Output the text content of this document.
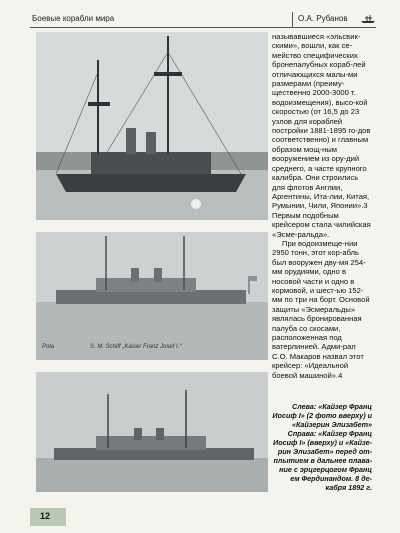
Боевые корабли мира	О.А. Рубанов
Pola	S. M. Schiff „Kaiser Franz Josef I.“

называвшиеся «эльсвик-скими», вошли, как се-мейство специфических бронепалубных кораб-лей отличающихся малы-ми размерами (преиму-щественно 2000-3000 т. водоизмещения), высо-кой скоростью (от 16,5 до 23 узлов для кораблей постройки 1881-1895 го-дов соответственно) и главным образом мощ-ным вооружением из ору-дий среднего, а часте крупного калибра. Они строились для флотов Англии, Аргентины, Ита-лии, Китая, Румынии, Чили, Японии».3 Первым подобным крейсером стала чилийская «Эсме-ральда».

При водоизмеще-нии 2950 тонн, этот кор-абль был вооружен дву-мя 254-мм орудиями, одно в носовой части и одно в кормовой, и шест-ью 152-мм по три на борт. Основой защиты «Эсмеральды» являлась бронированная палуба со скосами, расположенная под ватерлинией. Адми-рал С.О. Макаров назвал этот крейсер: «Идеальной боевой машиной».4

Слева: «Кайзер Франц Иосиф I» (2 фото вверху) и «Кайзерин Элизабет» Справа: «Кайзер Франц Иосиф I» (вверху) и «Кайзе-рин Элизабет» перед от-плытием в дальнее плава-ние с эрцгерцогом Франц ем Фердинандом. 8 де-кабря 1892 г.
12
